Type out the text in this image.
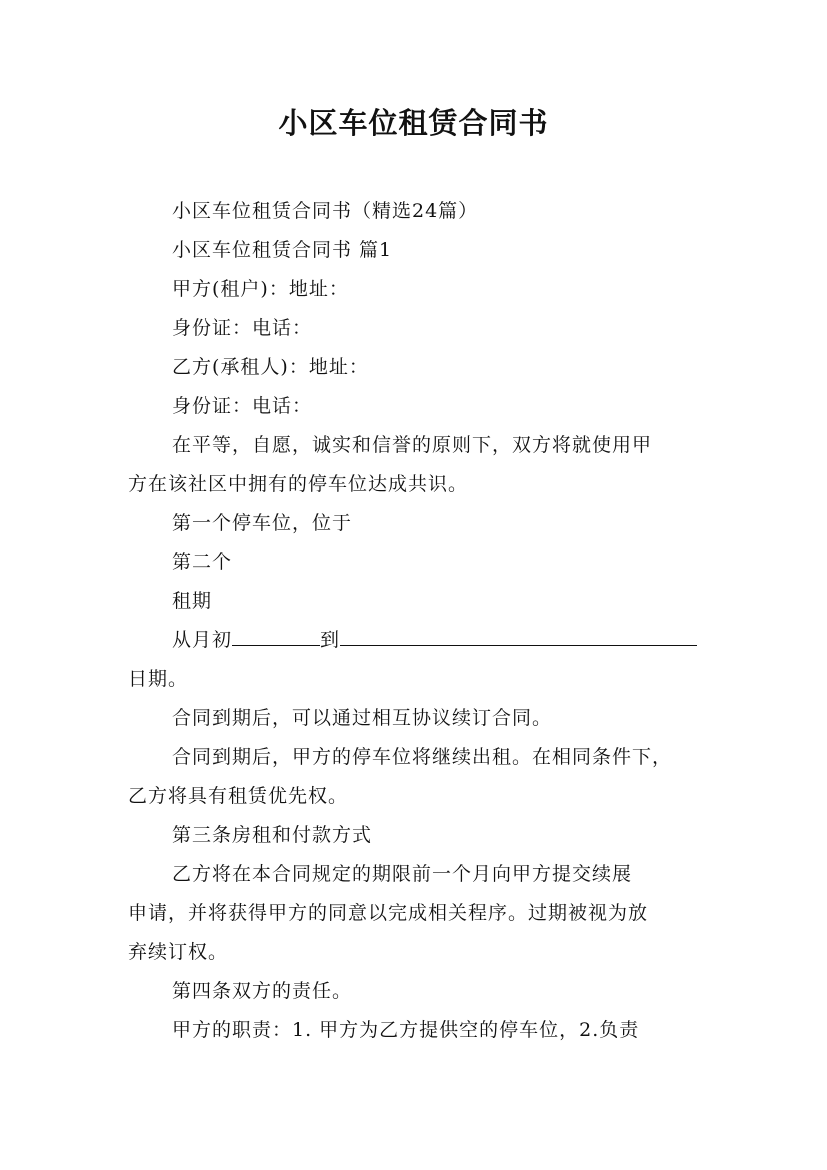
小区车位租赁合同书
小区车位租赁合同书（精选24篇）
小区车位租赁合同书 篇1
甲方(租户)：地址：
身份证：电话：
乙方(承租人)：地址：
身份证：电话：
在平等，自愿，诚实和信誉的原则下，双方将就使用甲
方在该社区中拥有的停车位达成共识。
第一个停车位，位于
第二个
租期
从月初	到
日期。
合同到期后，可以通过相互协议续订合同。
合同到期后，甲方的停车位将继续出租。在相同条件下，
乙方将具有租赁优先权。
第三条房租和付款方式
乙方将在本合同规定的期限前一个月向甲方提交续展
申请，并将获得甲方的同意以完成相关程序。过期被视为放
弃续订权。
第四条双方的责任。
甲方的职责：1. 甲方为乙方提供空的停车位，2.负责
